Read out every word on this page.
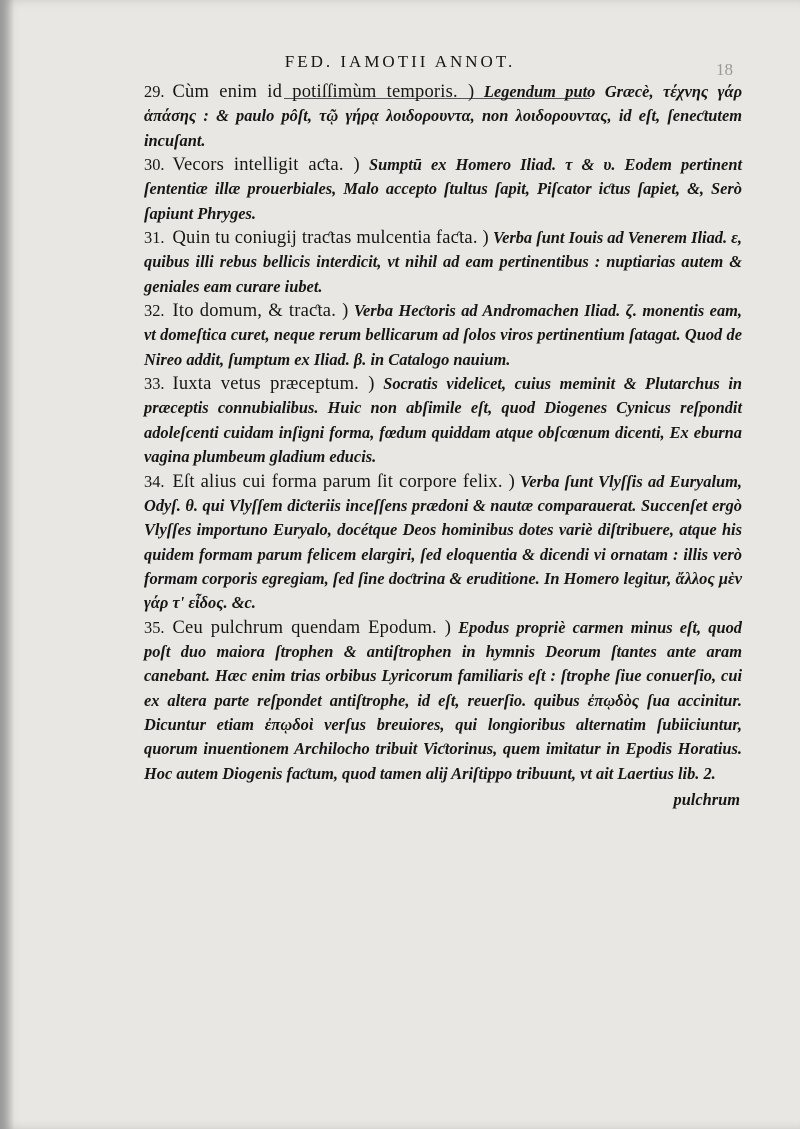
18
FED. IAMOTII ANNOT.

29. Cùm enim id potiſſimùm temporis. ) Legendum puto Græcè, τέχνης γάρ ἁπάσης : & paulo pôſt, τῷ γήρᾳ λοιδορουντα, non λοιδορουντας, id eſt, ſeneƈtutem incuſant.

30. Vecors intelligit aƈta. ) Sumptū ex Homero Iliad. τ & υ. Eodem pertinent ſententiæ illæ prouerbiales, Malo accepto ſtultus ſapit, Piſcator iƈtus ſapiet, &, Serò ſapiunt Phryges.

31. Quin tu coniugij traƈtas mulcentia faƈta. ) Verba ſunt Iouis ad Venerem Iliad. ε, quibus illi rebus bellicis interdicit, vt nihil ad eam pertinentibus : nuptiarias autem & geniales eam curare iubet.

32. Ito domum, & traƈta. ) Verba Heƈtoris ad Andromachen Iliad. ζ. monentis eam, vt domeſtica curet, neque rerum bellicarum ad ſolos viros pertinentium ſatagat. Quod de Nireo addit, ſumptum ex Iliad. β. in Catalogo nauium.

33. Iuxta vetus præceptum. ) Socratis videlicet, cuius meminit & Plutarchus in præceptis connubialibus. Huic non abſimile eſt, quod Diogenes Cynicus reſpondit adoleſcenti cuidam inſigni forma, fœdum quiddam atque obſcœnum dicenti, Ex eburna vagina plumbeum gladium educis.

34. Eſt alius cui forma parum ſit corpore felix. ) Verba ſunt Vlyſſis ad Euryalum, Odyſ. θ. qui Vlyſſem diƈteriis inceſſens prædoni & nautæ comparauerat. Succenſet ergò Vlyſſes importuno Euryalo, docétque Deos hominibus dotes variè diſtribuere, atque his quidem formam parum felicem elargiri, ſed eloquentia & dicendi vi ornatam : illis verò formam corporis egregiam, ſed ſine doƈtrina & eruditione. In Homero legitur, ἄλλος μὲν γάρ τ' εἶδος. &c.

35. Ceu pulchrum quendam Epodum. ) Epodus propriè carmen minus eſt, quod poſt duo maiora ſtrophen & antiſtrophen in hymnis Deorum ſtantes ante aram canebant. Hæc enim trias orbibus Lyricorum familiaris eſt : ſtrophe ſiue conuerſio, cui ex altera parte reſpondet antiſtrophe, id eſt, reuerſio. quibus ἐπῳδὸς ſua accinitur. Dicuntur etiam ἐπῳδοὶ verſus breuiores, qui longioribus alternatim ſubiiciuntur, quorum inuentionem Archilocho tribuit Viƈtorinus, quem imitatur in Epodis Horatius. Hoc autem Diogenis faƈtum, quod tamen alij Ariſtippo tribuunt, vt ait Laertius lib. 2.

pulchrum
